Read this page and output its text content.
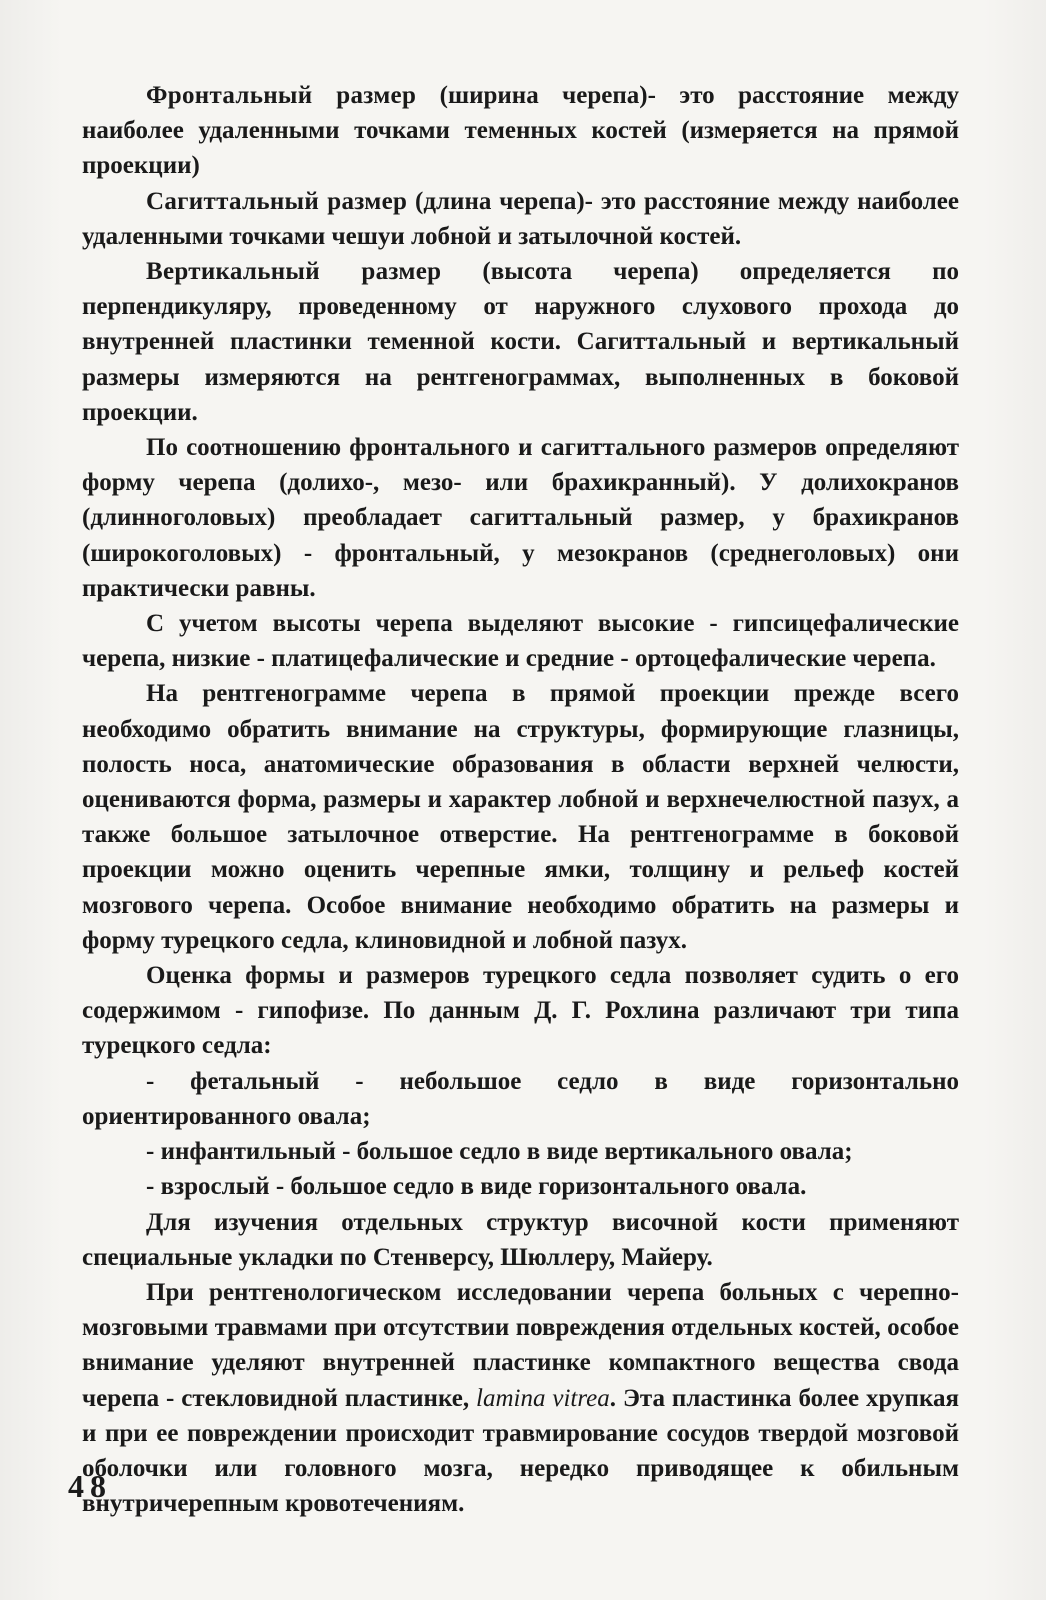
Фронтальный размер (ширина черепа)- это расстояние между наиболее удаленными точками теменных костей (измеряется на прямой проекции)

Сагиттальный размер (длина черепа)- это расстояние между наиболее удаленными точками чешуи лобной и затылочной костей.

Вертикальный размер (высота черепа) определяется по перпендикуляру, проведенному от наружного слухового прохода до внутренней пластинки теменной кости. Сагиттальный и вертикальный размеры измеряются на рентгенограммах, выполненных в боковой проекции.

По соотношению фронтального и сагиттального размеров определяют форму черепа (долихо-, мезо- или брахикранный). У долихокранов (длинноголовых) преобладает сагиттальный размер, у брахикранов (широкоголовых) - фронтальный, у мезокранов (среднеголовых) они практически равны.

С учетом высоты черепа выделяют высокие - гипсицефалические черепа, низкие - платицефалические и средние - ортоцефалические черепа.

На рентгенограмме черепа в прямой проекции прежде всего необходимо обратить внимание на структуры, формирующие глазницы, полость носа, анатомические образования в области верхней челюсти, оцениваются форма, размеры и характер лобной и верхнечелюстной пазух, а также большое затылочное отверстие. На рентгенограмме в боковой проекции можно оценить черепные ямки, толщину и рельеф костей мозгового черепа. Особое внимание необходимо обратить на размеры и форму турецкого седла, клиновидной и лобной пазух.

Оценка формы и размеров турецкого седла позволяет судить о его содержимом - гипофизе. По данным Д. Г. Рохлина различают три типа турецкого седла:

- фетальный - небольшое седло в виде горизонтально ориентированного овала;

- инфантильный - большое седло в виде вертикального овала;

- взрослый - большое седло в виде горизонтального овала.

Для изучения отдельных структур височной кости применяют специальные укладки по Стенверсу, Шюллеру, Майеру.

При рентгенологическом исследовании черепа больных с черепно-мозговыми травмами при отсутствии повреждения отдельных костей, особое внимание уделяют внутренней пластинке компактного вещества свода черепа - стекловидной пластинке, lamina vitrea. Эта пластинка более хрупкая и при ее повреждении происходит травмирование сосудов твердой мозговой оболочки или головного мозга, нередко приводящее к обильным внутричерепным кровотечениям.

48
